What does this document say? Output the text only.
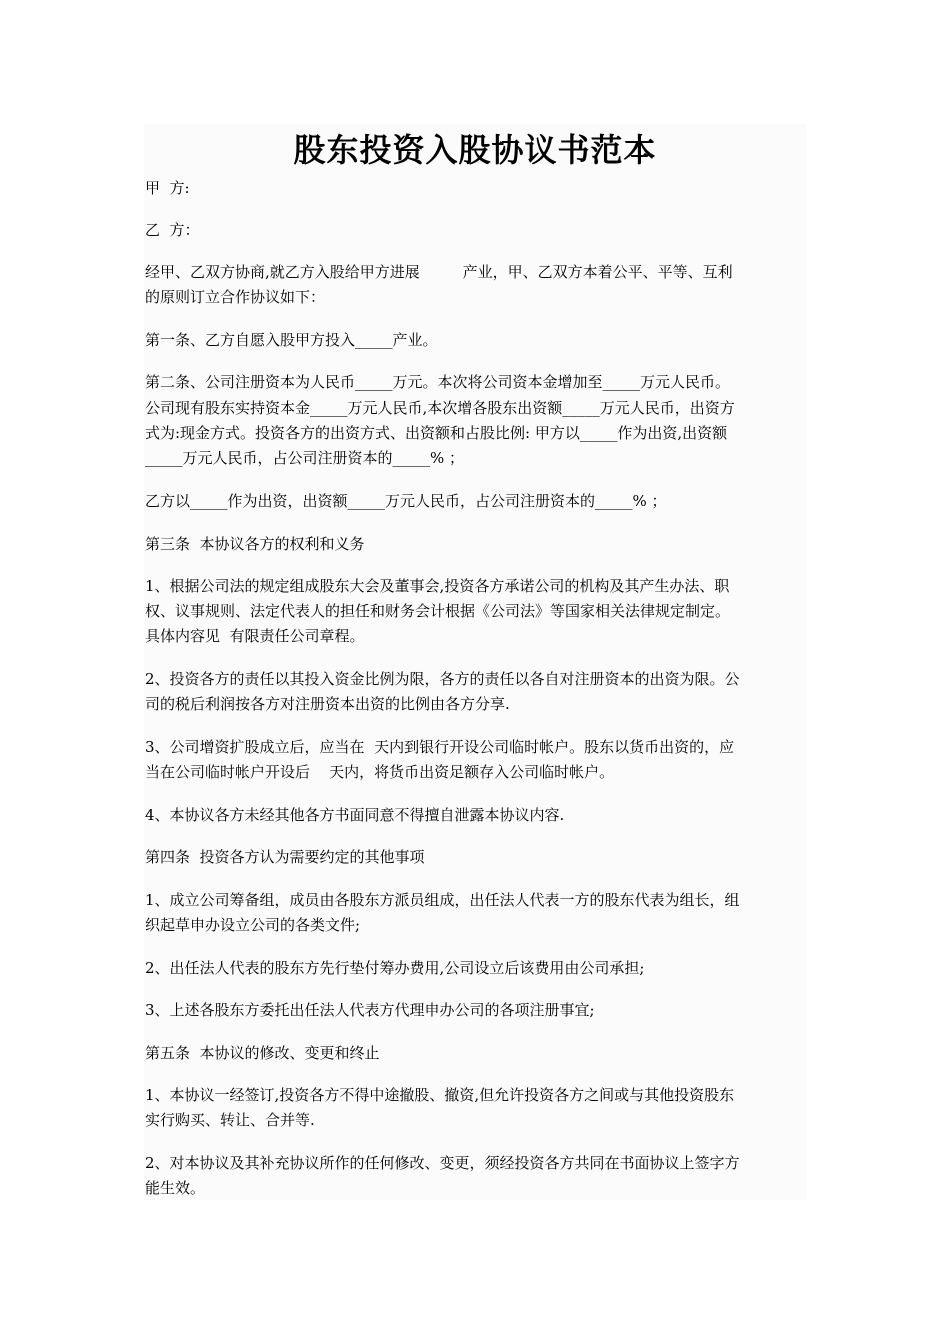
股东投资入股协议书范本
甲  方:
乙  方：
经甲、乙双方协商,就乙方入股给甲方进展         产业，甲、乙双方本着公平、平等、互利
的原则订立合作协议如下：
第一条、乙方自愿入股甲方投入_____产业。
第二条、公司注册资本为人民币_____万元。本次将公司资本金增加至_____万元人民币。
公司现有股东实持资本金_____万元人民币,本次增各股东出资额_____万元人民币，出资方
式为:现金方式。投资各方的出资方式、出资额和占股比例: 甲方以_____作为出资,出资额
_____万元人民币，占公司注册资本的_____% ；
乙方以_____作为出资，出资额_____万元人民币，占公司注册资本的_____% ；
第三条  本协议各方的权利和义务
1、根据公司法的规定组成股东大会及董事会,投资各方承诺公司的机构及其产生办法、职
权、议事规则、法定代表人的担任和财务会计根据《公司法》等国家相关法律规定制定。
具体内容见  有限责任公司章程。
2、投资各方的责任以其投入资金比例为限，各方的责任以各自对注册资本的出资为限。公
司的税后利润按各方对注册资本出资的比例由各方分享.
3、公司增资扩股成立后，应当在  天内到银行开设公司临时帐户。股东以货币出资的，应
当在公司临时帐户开设后    天内，将货币出资足额存入公司临时帐户。
4、本协议各方未经其他各方书面同意不得擅自泄露本协议内容.
第四条  投资各方认为需要约定的其他事项
1、成立公司筹备组，成员由各股东方派员组成，出任法人代表一方的股东代表为组长，组
织起草申办设立公司的各类文件;
2、出任法人代表的股东方先行垫付筹办费用,公司设立后该费用由公司承担;
3、上述各股东方委托出任法人代表方代理申办公司的各项注册事宜;
第五条  本协议的修改、变更和终止
1、本协议一经签订,投资各方不得中途撤股、撤资,但允许投资各方之间或与其他投资股东
实行购买、转让、合并等.
2、对本协议及其补充协议所作的任何修改、变更，须经投资各方共同在书面协议上签字方
能生效。
